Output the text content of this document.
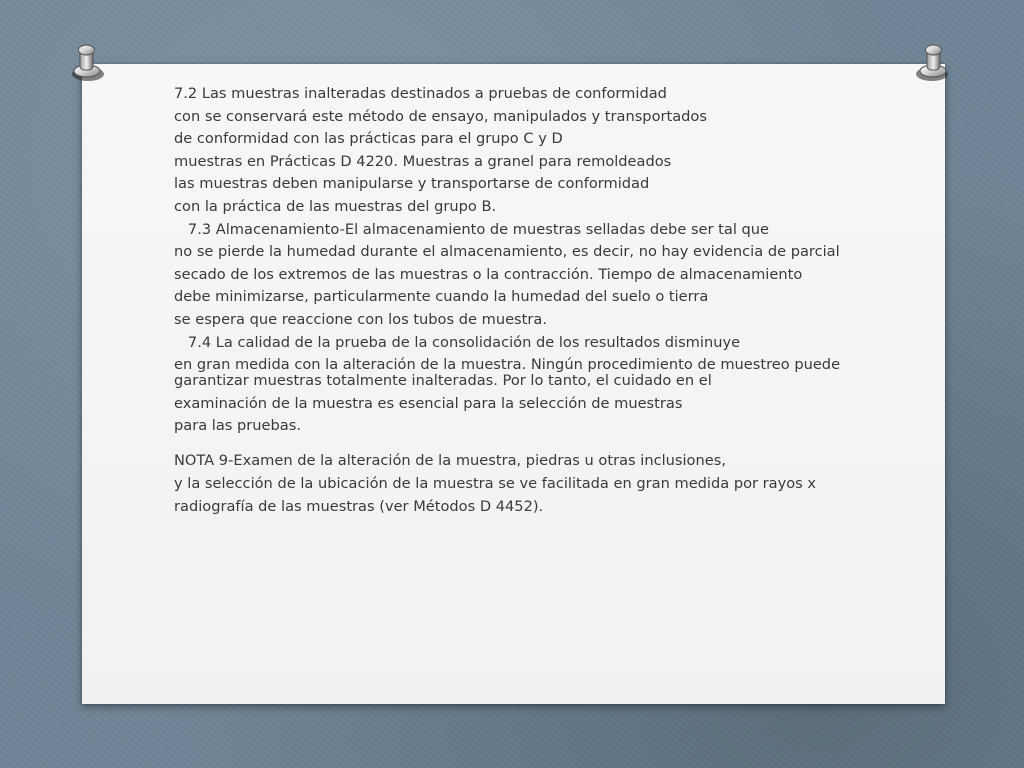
7.2 Las muestras inalteradas destinados a pruebas de conformidad
con se conservará este método de ensayo, manipulados y transportados
de conformidad con las prácticas para el grupo C y D
muestras en Prácticas D 4220. Muestras a granel para remoldeados
las muestras deben manipularse y transportarse de conformidad
con la práctica de las muestras del grupo B.
7.3 Almacenamiento-El almacenamiento de muestras selladas debe ser tal que
no se pierde la humedad durante el almacenamiento, es decir, no hay evidencia de parcial
secado de los extremos de las muestras o la contracción. Tiempo de almacenamiento
debe minimizarse, particularmente cuando la humedad del suelo o tierra
se espera que reaccione con los tubos de muestra.
7.4 La calidad de la prueba de la consolidación de los resultados disminuye
en gran medida con la alteración de la muestra. Ningún procedimiento de muestreo puede garantizar muestras totalmente inalteradas. Por lo tanto, el cuidado en el
examinación de la muestra es esencial para la selección de muestras
para las pruebas.
NOTA 9-Examen de la alteración de la muestra, piedras u otras inclusiones,
y la selección de la ubicación de la muestra se ve facilitada en gran medida por rayos x
radiografía de las muestras (ver Métodos D 4452).
